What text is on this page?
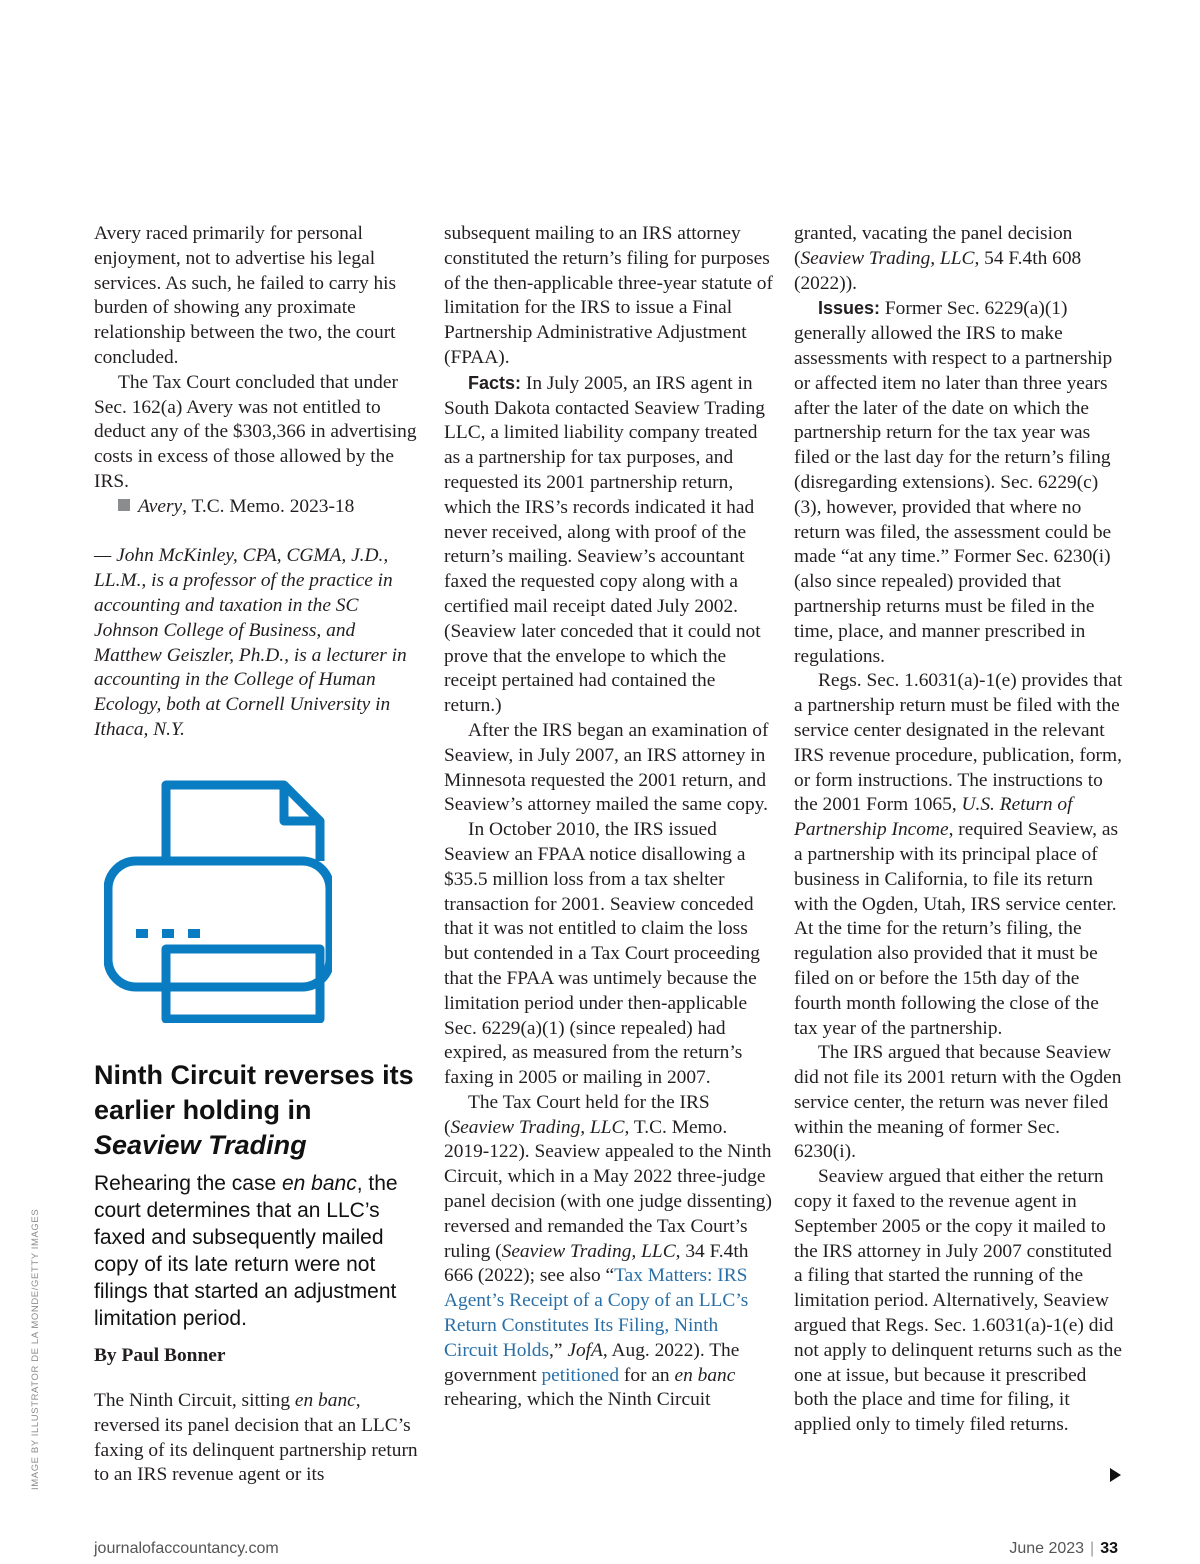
Avery raced primarily for personal enjoyment, not to advertise his legal services. As such, he failed to carry his burden of showing any proximate relationship between the two, the court concluded.

The Tax Court concluded that under Sec. 162(a) Avery was not entitled to deduct any of the $303,366 in advertising costs in excess of those allowed by the IRS.

Avery, T.C. Memo. 2023-18

— John McKinley, CPA, CGMA, J.D., LL.M., is a professor of the practice in accounting and taxation in the SC Johnson College of Business, and Matthew Geiszler, Ph.D., is a lecturer in accounting in the College of Human Ecology, both at Cornell University in Ithaca, N.Y.

Ninth Circuit reverses its earlier holding in
Seaview Trading
Rehearing the case en banc, the court determines that an LLC’s faxed and subsequently mailed copy of its late return were not filings that started an adjustment limitation period.
By Paul Bonner

The Ninth Circuit, sitting en banc, reversed its panel decision that an LLC’s faxing of its delinquent partnership return to an IRS revenue agent or its

subsequent mailing to an IRS attorney constituted the return’s filing for purposes of the then-applicable three-year statute of limitation for the IRS to issue a Final Partnership Administrative Adjustment (FPAA).

Facts: In July 2005, an IRS agent in South Dakota contacted Seaview Trading LLC, a limited liability company treated as a partnership for tax purposes, and requested its 2001 partnership return, which the IRS’s records indicated it had never received, along with proof of the return’s mailing. Seaview’s accountant faxed the requested copy along with a certified mail receipt dated July 2002. (Seaview later conceded that it could not prove that the envelope to which the receipt pertained had contained the return.)

After the IRS began an examination of Seaview, in July 2007, an IRS attorney in Minnesota requested the 2001 return, and Seaview’s attorney mailed the same copy.

In October 2010, the IRS issued Seaview an FPAA notice disallowing a $35.5 million loss from a tax shelter transaction for 2001. Seaview conceded that it was not entitled to claim the loss but contended in a Tax Court proceeding that the FPAA was untimely because the limitation period under then-applicable Sec. 6229(a)(1) (since repealed) had expired, as measured from the return’s faxing in 2005 or mailing in 2007.

The Tax Court held for the IRS (Seaview Trading, LLC, T.C. Memo. 2019-122). Seaview appealed to the Ninth Circuit, which in a May 2022 three-judge panel decision (with one judge dissenting) reversed and remanded the Tax Court’s ruling (Seaview Trading, LLC, 34 F.4th 666 (2022); see also “Tax Matters: IRS Agent’s Receipt of a Copy of an LLC’s Return Constitutes Its Filing, Ninth Circuit Holds,” JofA, Aug. 2022). The government petitioned for an en banc rehearing, which the Ninth Circuit

granted, vacating the panel decision (Seaview Trading, LLC, 54 F.4th 608 (2022)).

Issues: Former Sec. 6229(a)(1) generally allowed the IRS to make assessments with respect to a partnership or affected item no later than three years after the later of the date on which the partnership return for the tax year was filed or the last day for the return’s filing (disregarding extensions). Sec. 6229(c)(3), however, provided that where no return was filed, the assessment could be made “at any time.” Former Sec. 6230(i) (also since repealed) provided that partnership returns must be filed in the time, place, and manner prescribed in regulations.

Regs. Sec. 1.6031(a)-1(e) provides that a partnership return must be filed with the service center designated in the relevant IRS revenue procedure, publication, form, or form instructions. The instructions to the 2001 Form 1065, U.S. Return of Partnership Income, required Seaview, as a partnership with its principal place of business in California, to file its return with the Ogden, Utah, IRS service center. At the time for the return’s filing, the regulation also provided that it must be filed on or before the 15th day of the fourth month following the close of the tax year of the partnership.

The IRS argued that because Seaview did not file its 2001 return with the Ogden service center, the return was never filed within the meaning of former Sec. 6230(i).

Seaview argued that either the return copy it faxed to the revenue agent in September 2005 or the copy it mailed to the IRS attorney in July 2007 constituted a filing that started the running of the limitation period. Alternatively, Seaview argued that Regs. Sec. 1.6031(a)-1(e) did not apply to delinquent returns such as the one at issue, but because it prescribed both the place and time for filing, it applied only to timely filed returns.

IMAGE BY ILLUSTRATOR DE LA MONDE/GETTY IMAGES
journalofaccountancy.com	June 2023 | 33
